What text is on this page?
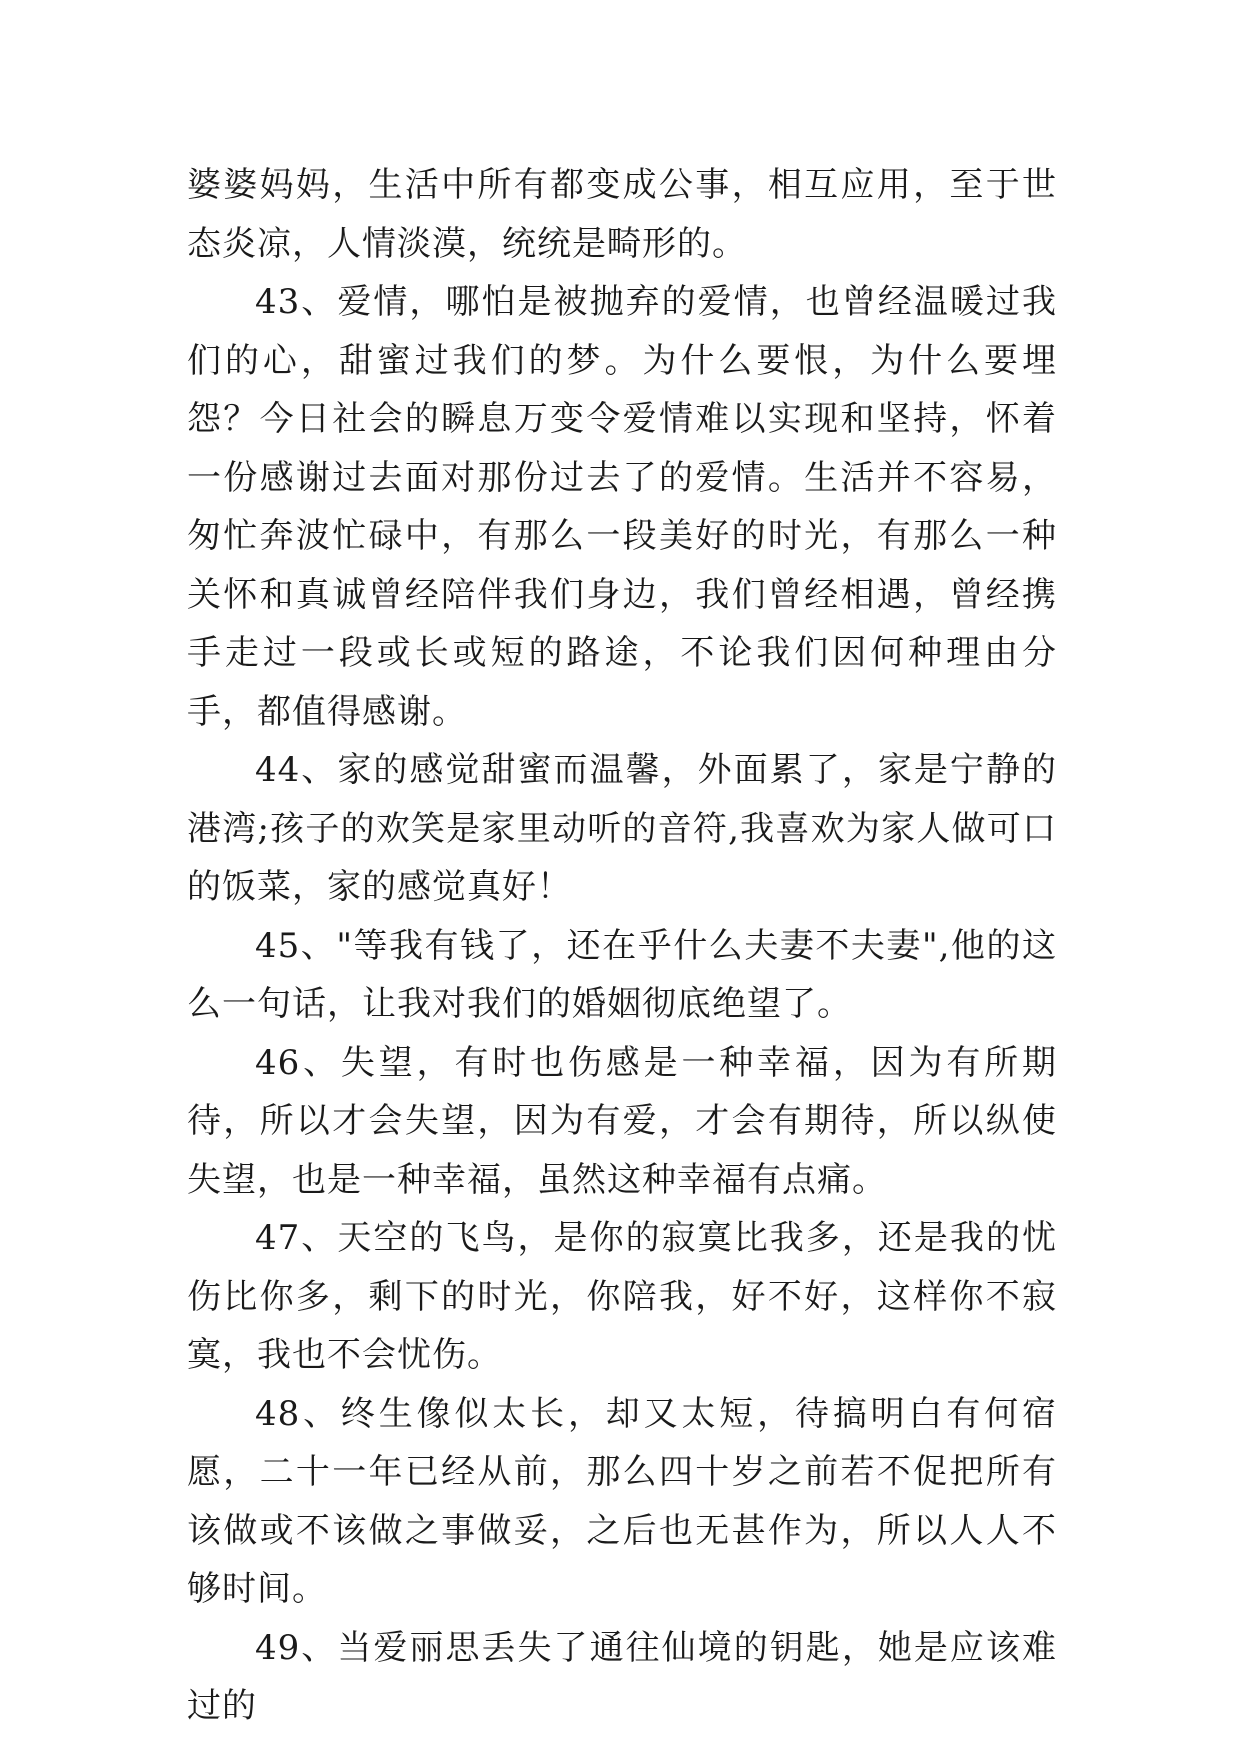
婆婆妈妈，生活中所有都变成公事，相互应用，至于世态炎凉，人情淡漠，统统是畸形的。

43、爱情，哪怕是被抛弃的爱情，也曾经温暖过我们的心，甜蜜过我们的梦。为什么要恨，为什么要埋怨？今日社会的瞬息万变令爱情难以实现和坚持，怀着一份感谢过去面对那份过去了的爱情。生活并不容易，匆忙奔波忙碌中，有那么一段美好的时光，有那么一种关怀和真诚曾经陪伴我们身边，我们曾经相遇，曾经携手走过一段或长或短的路途，不论我们因何种理由分手，都值得感谢。

44、家的感觉甜蜜而温馨，外面累了，家是宁静的港湾;孩子的欢笑是家里动听的音符,我喜欢为家人做可口的饭菜，家的感觉真好！

45、"等我有钱了，还在乎什么夫妻不夫妻",他的这么一句话，让我对我们的婚姻彻底绝望了。

46、失望，有时也伤感是一种幸福，因为有所期待，所以才会失望，因为有爱，才会有期待，所以纵使失望，也是一种幸福，虽然这种幸福有点痛。

47、天空的飞鸟，是你的寂寞比我多，还是我的忧伤比你多，剩下的时光，你陪我，好不好，这样你不寂寞，我也不会忧伤。

48、终生像似太长，却又太短，待搞明白有何宿愿，二十一年已经从前，那么四十岁之前若不促把所有该做或不该做之事做妥，之后也无甚作为，所以人人不够时间。

49、当爱丽思丢失了通往仙境的钥匙，她是应该难过的
